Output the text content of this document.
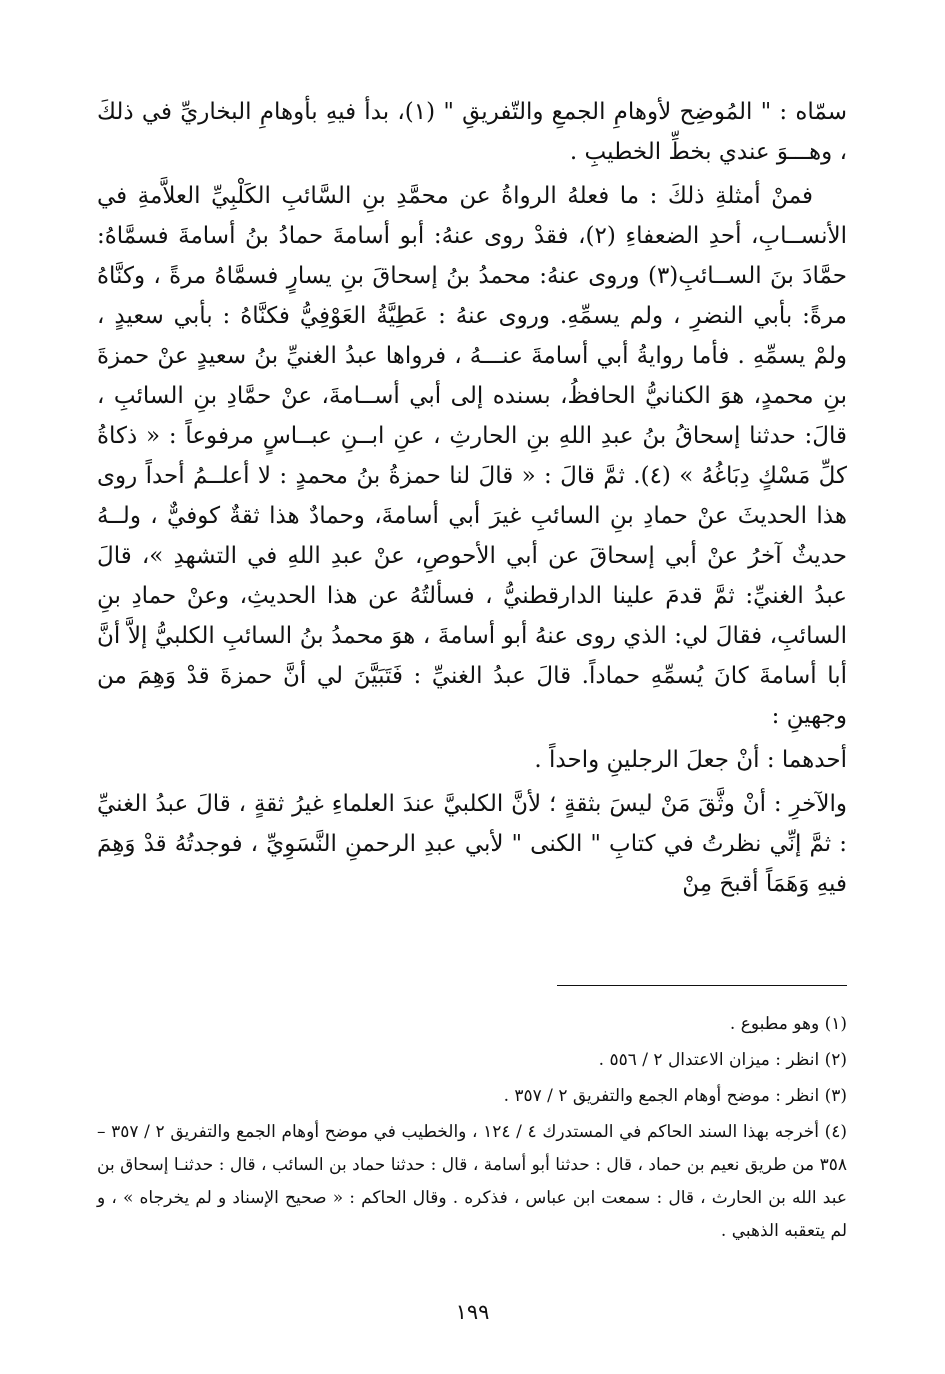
سمّاه : " المُوضِح لأوهامِ الجمعِ والتّفريقِ " (١)، بدأ فيهِ بأوهامِ البخاريِّ في ذلكَ ، وهـــوَ عندي بخطِّ الخطيبِ .

فمنْ أمثلةِ ذلكَ : ما فعلهُ الرواةُ عن محمَّدِ بنِ السَّائبِ الكَلْبِيِّ العلاَّمةِ في الأنســابِ، أحدِ الضعفاءِ (٢)، فقدْ روى عنهُ: أبو أسامةَ حمادُ بنُ أسامةَ فسمَّاهُ: حمَّادَ بنَ الســائبِ(٣) وروى عنهُ: محمدُ بنُ إسحاقَ بنِ يسارٍ فسمَّاهُ مرةً ، وكنَّاهُ مرةً: بأبي النضرِ ، ولم يسمِّهِ. وروى عنهُ : عَطِيَّةُ العَوْفِيُّ فكنَّاهُ : بأبي سعيدٍ ، ولمْ يسمِّهِ . فأما روايةُ أبي أسامةَ عنـــهُ ، فرواها عبدُ الغنيِّ بنُ سعيدٍ عنْ حمزةَ بنِ محمدٍ، هوَ الكنانيُّ الحافظُ، بسنده إلى أبي أســامةَ، عنْ حمَّادِ بنِ السائبِ ، قالَ: حدثنا إسحاقُ بنُ عبدِ اللهِ بنِ الحارثِ ، عنِ ابــنِ عبــاسٍ مرفوعاً : « ذكاةُ كلِّ مَسْكٍ دِبَاغُهُ » (٤). ثمَّ قالَ : « قالَ لنا حمزةُ بنُ محمدٍ : لا أعلــمُ أحداً روى هذا الحديثَ عنْ حمادِ بنِ السائبِ غيرَ أبي أسامةَ، وحمادٌ هذا ثقةٌ كوفيٌّ ، ولــهُ حديثٌ آخرُ عنْ أبي إسحاقَ عن أبي الأحوصِ، عنْ عبدِ اللهِ في التشهدِ »، قالَ عبدُ الغنيِّ: ثمَّ قدمَ علينا الدارقطنيُّ ، فسألتُهُ عن هذا الحديثِ، وعنْ حمادِ بنِ السائبِ، فقالَ لي: الذي روى عنهُ أبو أسامةَ ، هوَ محمدُ بنُ السائبِ الكلبيُّ إلاَّ أنَّ أبا أسامةَ كانَ يُسمِّهِ حماداً. قالَ عبدُ الغنيِّ : فَتَبَيَّنَ لي أنَّ حمزةَ قدْ وَهِمَ من وجهينِ :

أحدهما : أنْ جعلَ الرجلينِ واحداً .

والآخرِ : أنْ وثَّقَ مَنْ ليسَ بثقةٍ ؛ لأنَّ الكلبيَّ عندَ العلماءِ غيرُ ثقةٍ ، قالَ عبدُ الغنيِّ : ثمَّ إنِّي نظرتُ في كتابِ " الكنى " لأبي عبدِ الرحمنِ النَّسَوِيِّ ، فوجدتُهُ قدْ وَهِمَ فيهِ وَهَمَاً أقبحَ مِنْ

(١) وهو مطبوع .

(٢) انظر : ميزان الاعتدال ٢ / ٥٥٦ .

(٣) انظر : موضح أوهام الجمع والتفريق ٢ / ٣٥٧ .

(٤) أخرجه بهذا السند الحاكم في المستدرك ٤ / ١٢٤ ، والخطيب في موضح أوهام الجمع والتفريق ٢ / ٣٥٧ – ٣٥٨ من طريق نعيم بن حماد ، قال : حدثنا أبو أسامة ، قال : حدثنا حماد بن السائب ، قال : حدثنـا إسحاق بن عبد الله بن الحارث ، قال : سمعت ابن عباس ، فذكره . وقال الحاكم : « صحيح الإسناد و لم يخرجاه » ، و لم يتعقبه الذهبي .

١٩٩
